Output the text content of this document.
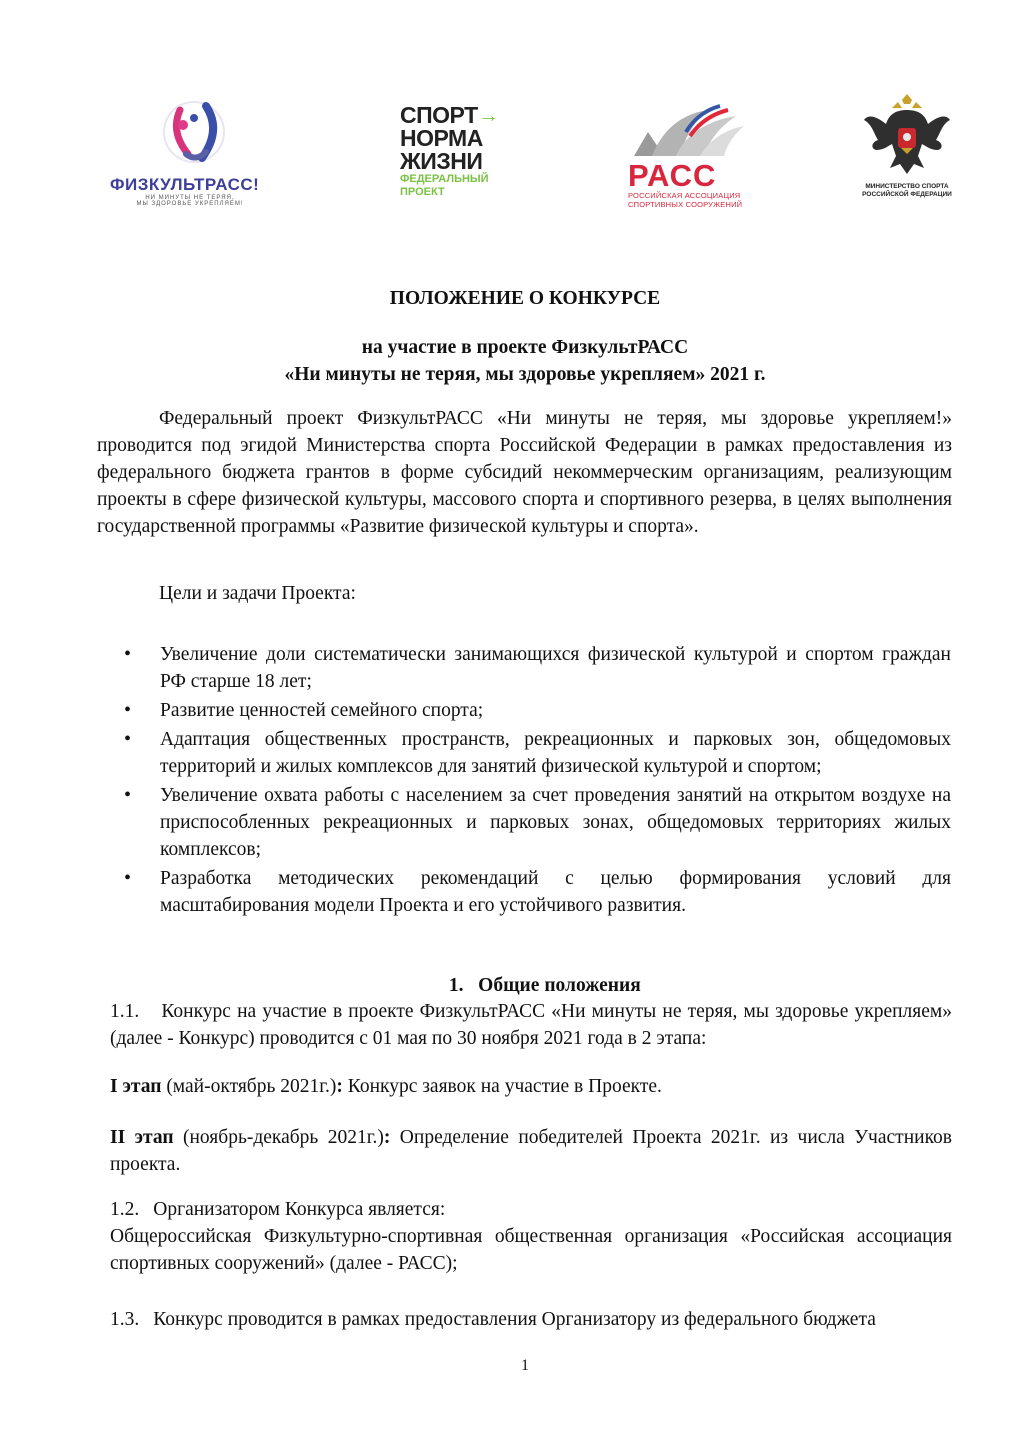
ФИЗКУЛЬТРАСС!
НИ МИНУТЫ НЕ ТЕРЯЯ,
МЫ ЗДОРОВЬЕ УКРЕПЛЯЕМ!
СПОРТ →
НОРМА
ЖИЗНИ
ФЕДЕРАЛЬНЫЙ
ПРОЕКТ	РАСС
РОССИЙСКАЯ АССОЦИАЦИЯ
СПОРТИВНЫХ СООРУЖЕНИЙ
МИНИСТЕРСТВО СПОРТА
РОССИЙСКОЙ ФЕДЕРАЦИИ
ПОЛОЖЕНИЕ О КОНКУРСЕ
на участие в проекте ФизкультРАСС
«Ни минуты не теряя, мы здоровье укрепляем» 2021 г.
Федеральный проект ФизкультРАСС «Ни минуты не теряя, мы здоровье укрепляем!» проводится под эгидой Министерства спорта Российской Федерации в рамках предоставления из федерального бюджета грантов в форме субсидий некоммерческим организациям, реализующим проекты в сфере физической культуры, массового спорта и спортивного резерва, в целях выполнения государственной программы «Развитие физической культуры и спорта».
Цели и задачи Проекта:
• Увеличение доли систематически занимающихся физической культурой и спортом граждан РФ старше 18 лет;
• Развитие ценностей семейного спорта;
• Адаптация общественных пространств, рекреационных и парковых зон, общедомовых территорий и жилых комплексов для занятий физической культурой и спортом;
• Увеличение охвата работы с населением за счет проведения занятий на открытом воздухе на приспособленных рекреационных и парковых зонах, общедомовых территориях жилых комплексов;
• Разработка методических рекомендаций с целью формирования условий для масштабирования модели Проекта и его устойчивого развития.

1.   Общие положения

1.1. Конкурс на участие в проекте ФизкультРАСС «Ни минуты не теряя, мы здоровье укрепляем» (далее - Конкурс) проводится с 01 мая по 30 ноября 2021 года в 2 этапа:
I этап (май-октябрь 2021г.): Конкурс заявок на участие в Проекте.
II этап (ноябрь-декабрь 2021г.): Определение победителей Проекта 2021г. из числа Участников проекта.
1.2. Организатором Конкурса является:
Общероссийская Физкультурно-спортивная общественная организация «Российская ассоциация спортивных сооружений» (далее - РАСС);
1.3. Конкурс проводится в рамках предоставления Организатору из федерального бюджета
1
